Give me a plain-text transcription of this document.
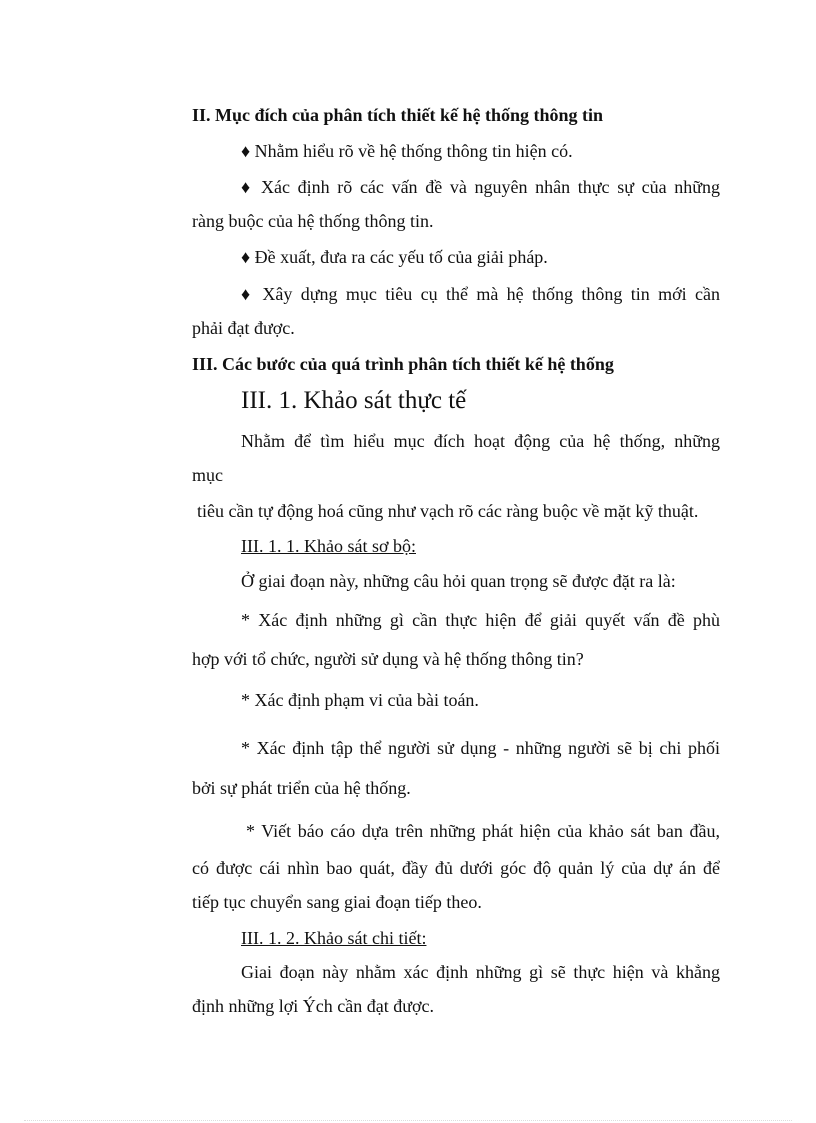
II. Mục đích của phân tích thiết kế hệ thống thông tin
♦ Nhằm hiểu rõ về hệ thống thông tin hiện có.
♦ Xác định rõ các vấn đề và nguyên nhân thực sự của những
ràng buộc của hệ thống thông tin.
♦ Đề xuất, đưa ra các yếu tố của giải pháp.
♦ Xây dựng mục tiêu cụ thể mà hệ thống thông tin mới cần
phải đạt được.
III. Các bước của quá trình phân tích thiết kế hệ thống
III. 1. Khảo sát thực tế
Nhằm để tìm hiểu mục đích hoạt động của hệ thống, những
mục
tiêu cần tự động hoá cũng như vạch rõ các ràng buộc về mặt kỹ thuật.
III. 1. 1. Khảo sát sơ bộ:
Ở giai đoạn này, những câu hỏi quan trọng sẽ được đặt ra là:
* Xác định những gì cần thực hiện để giải quyết vấn đề phù
hợp với tổ chức, người sử dụng và hệ thống thông tin?
* Xác định phạm vi của bài toán.
* Xác định tập thể người sử dụng - những người sẽ bị chi phối
bởi sự phát triển của hệ thống.
* Viết báo cáo dựa trên những phát hiện của khảo sát ban đầu,
có được cái nhìn bao quát, đầy đủ dưới góc độ quản lý của dự án để
tiếp tục chuyển sang giai đoạn tiếp theo.
III. 1. 2. Khảo sát chi tiết:
Giai đoạn này nhằm xác định những gì sẽ thực hiện và khẳng
định những lợi Ých cần đạt được.
